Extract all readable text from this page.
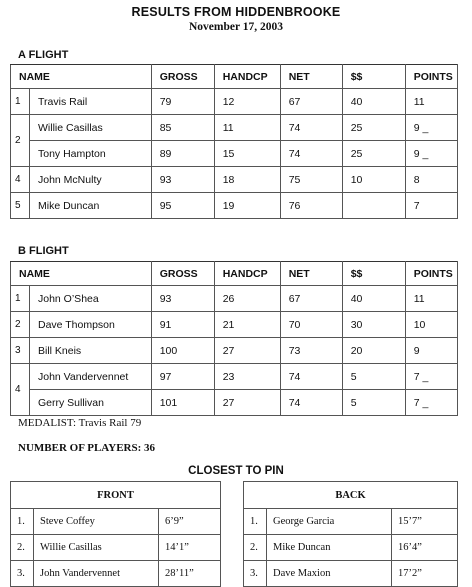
RESULTS FROM HIDDENBROOKE
November 17, 2003
A FLIGHT
NAME		GROSS	HANDCP	NET	$$	POINTS
1	Travis Rail	79	12	67	40	11
2	Willie Casillas	85	11	74	25	9 _
	Tony Hampton	89	15	74	25	9 _
4	John McNulty	93	18	75	10	8
5	Mike Duncan	95	19	76		7
B FLIGHT
NAME		GROSS	HANDCP	NET	$$	POINTS
1	John O’Shea	93	26	67	40	11
2	Dave Thompson	91	21	70	30	10
3	Bill Kneis	100	27	73	20	9
4	John Vandervennet	97	23	74	5	7 _
	Gerry Sullivan	101	27	74	5	7 _
MEDALIST: Travis Rail 79
NUMBER OF PLAYERS: 36
CLOSEST TO PIN
FRONT		
1.	Steve Coffey	6’9”
2.	Willie Casillas	14’1”
3.	John Vandervennet	28’11”
BACK		
1.	George Garcia	15’7”
2.	Mike Duncan	16’4”
3.	Dave Maxion	17’2”
